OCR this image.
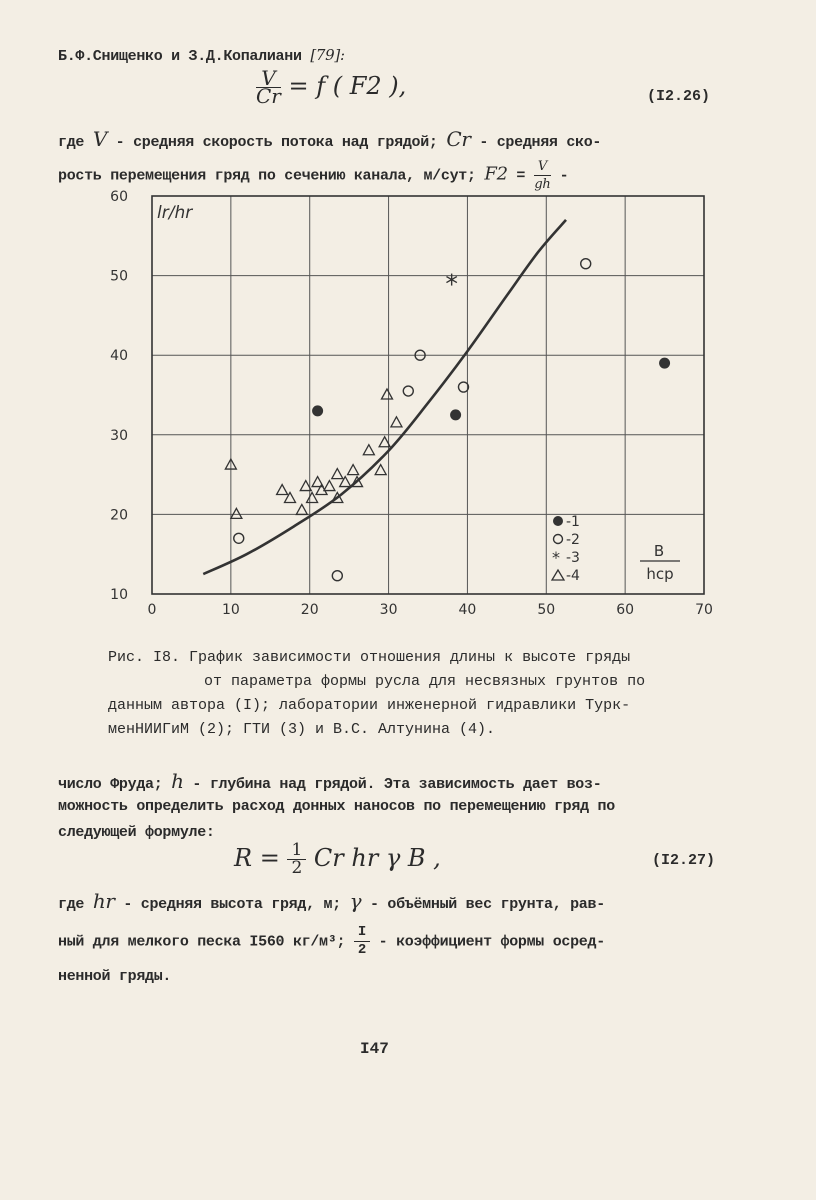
Б.Ф.Снищенко и З.Д.Копалиани [79]:
$\frac{V}{Cr} = f$ ( F2 ),	(I2.26)
где V - средняя скорость потока над грядой; Cr - средняя ско-
рость перемещения гряд по сечению канала, м/сут; $F2 = \frac{V}{gh}$ -
0	10	20	30	40	50	60	70
10
20
30
40
50
60
lr/hr
-1
-2
* -3
-4
B
hcp
Рис. I8. График зависимости отношения длины к высоте гряды
от параметра формы русла для несвязных грунтов по
данным автора (I); лаборатории инженерной гидравлики Турк-
менНИИГиМ (2); ГТИ (3) и В.С. Алтунина (4).
число Фруда; h - глубина над грядой. Эта зависимость дает воз-
можность определить расход донных наносов по перемещению гряд по
следующей формуле:
$R = \frac{1}{2}$ Cr hr γ B ,	(I2.27)
где hr - средняя высота гряд, м; γ - объёмный вес грунта, рав-
ный для мелкого песка I560 кг/м³; $\frac{I}{2}$ - коэффициент формы осред-
ненной гряды.
I47
